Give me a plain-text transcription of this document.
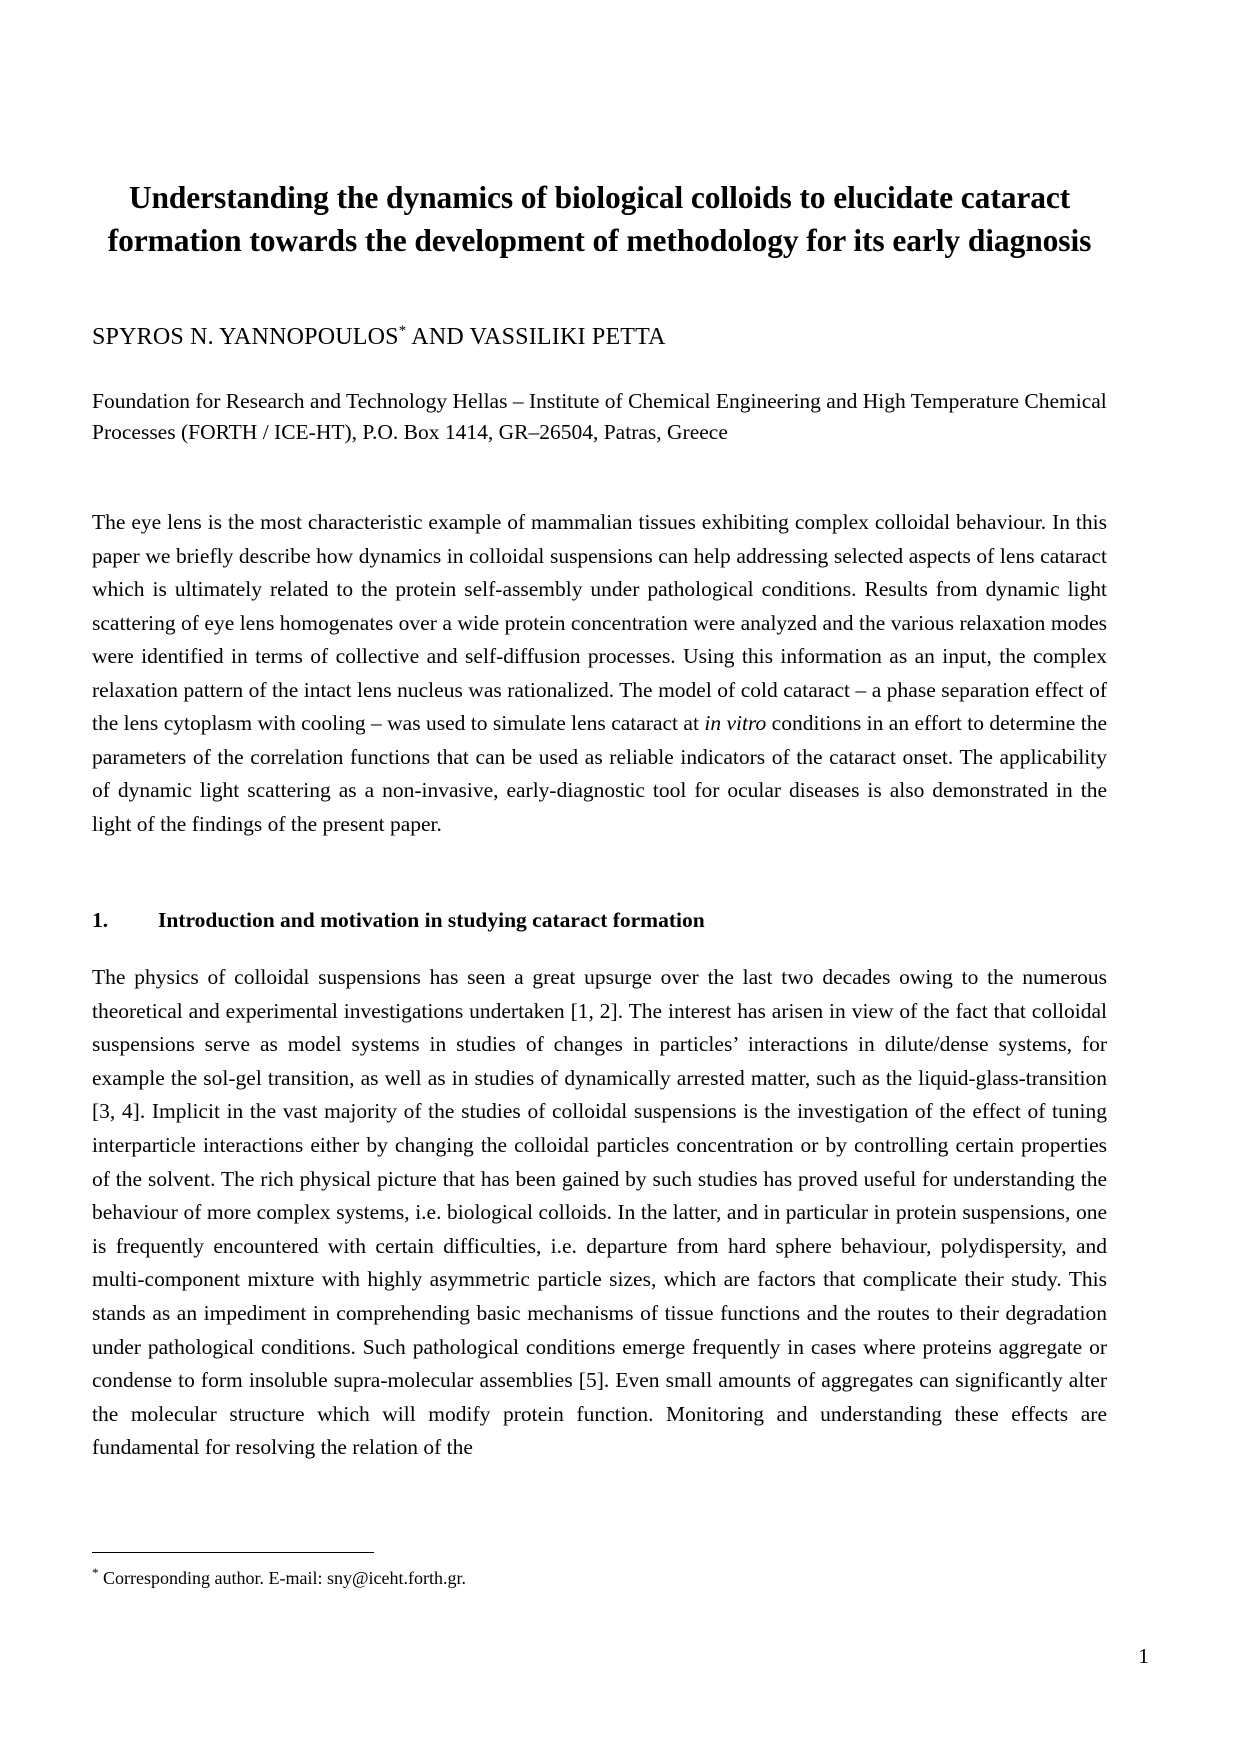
Understanding the dynamics of biological colloids to elucidate cataract formation towards the development of methodology for its early diagnosis
SPYROS N. YANNOPOULOS* AND VASSILIKI PETTA
Foundation for Research and Technology Hellas – Institute of Chemical Engineering and High Temperature Chemical Processes (FORTH / ICE-HT), P.O. Box 1414, GR–26504, Patras, Greece
The eye lens is the most characteristic example of mammalian tissues exhibiting complex colloidal behaviour. In this paper we briefly describe how dynamics in colloidal suspensions can help addressing selected aspects of lens cataract which is ultimately related to the protein self-assembly under pathological conditions. Results from dynamic light scattering of eye lens homogenates over a wide protein concentration were analyzed and the various relaxation modes were identified in terms of collective and self-diffusion processes. Using this information as an input, the complex relaxation pattern of the intact lens nucleus was rationalized. The model of cold cataract – a phase separation effect of the lens cytoplasm with cooling – was used to simulate lens cataract at in vitro conditions in an effort to determine the parameters of the correlation functions that can be used as reliable indicators of the cataract onset. The applicability of dynamic light scattering as a non-invasive, early-diagnostic tool for ocular diseases is also demonstrated in the light of the findings of the present paper.
1.	Introduction and motivation in studying cataract formation
The physics of colloidal suspensions has seen a great upsurge over the last two decades owing to the numerous theoretical and experimental investigations undertaken [1, 2]. The interest has arisen in view of the fact that colloidal suspensions serve as model systems in studies of changes in particles’ interactions in dilute/dense systems, for example the sol-gel transition, as well as in studies of dynamically arrested matter, such as the liquid-glass-transition [3, 4]. Implicit in the vast majority of the studies of colloidal suspensions is the investigation of the effect of tuning interparticle interactions either by changing the colloidal particles concentration or by controlling certain properties of the solvent. The rich physical picture that has been gained by such studies has proved useful for understanding the behaviour of more complex systems, i.e. biological colloids. In the latter, and in particular in protein suspensions, one is frequently encountered with certain difficulties, i.e. departure from hard sphere behaviour, polydispersity, and multi-component mixture with highly asymmetric particle sizes, which are factors that complicate their study. This stands as an impediment in comprehending basic mechanisms of tissue functions and the routes to their degradation under pathological conditions. Such pathological conditions emerge frequently in cases where proteins aggregate or condense to form insoluble supra-molecular assemblies [5]. Even small amounts of aggregates can significantly alter the molecular structure which will modify protein function. Monitoring and understanding these effects are fundamental for resolving the relation of the
* Corresponding author. E-mail: sny@iceht.forth.gr.
1
